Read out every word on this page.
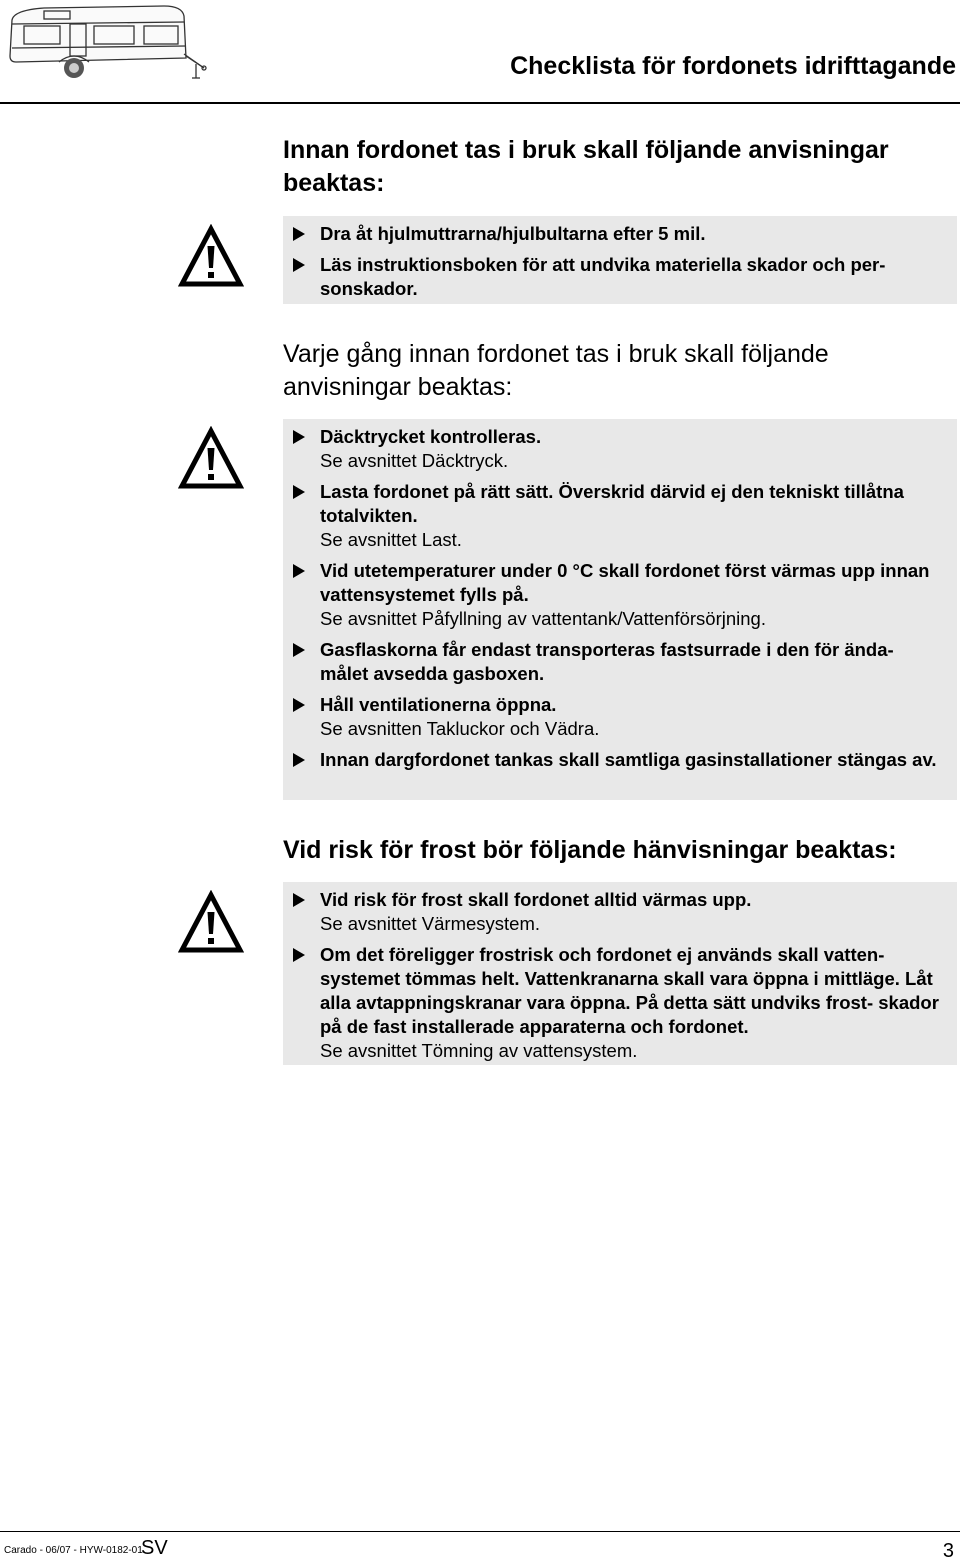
Checklista för fordonets idrifttagande
Innan fordonet tas i bruk skall följande anvisningar beaktas:
Dra åt hjulmuttrarna/hjulbultarna efter 5 mil.
Läs instruktionsboken för att undvika materiella skador och per- sonskador.
Varje gång innan fordonet tas i bruk skall följande anvisningar beaktas:
Däcktrycket kontrolleras.
Se avsnittet Däcktryck.
Lasta fordonet på rätt sätt. Överskrid därvid ej den tekniskt tillåtna totalvikten.
Se avsnittet Last.
Vid utetemperaturer under 0 °C skall fordonet först värmas upp innan vattensystemet fylls på.
Se avsnittet Påfyllning av vattentank/Vattenförsörjning.
Gasflaskorna får endast transporteras fastsurrade i den för ända- målet avsedda gasboxen.
Håll ventilationerna öppna.
Se avsnitten Takluckor och Vädra.
Innan dargfordonet tankas skall samtliga gasinstallationer stängas av.
Vid risk för frost bör följande hänvisningar beaktas:
Vid risk för frost skall fordonet alltid värmas upp.
Se avsnittet Värmesystem.
Om det föreligger frostrisk och fordonet ej används skall vatten- systemet tömmas helt. Vattenkranarna skall vara öppna i mittläge. Låt alla avtappningskranar vara öppna. På detta sätt undviks frost- skador på de fast installerade apparaterna och fordonet.
Se avsnittet Tömning av vattensystem.
Carado - 06/07 - HYW-0182-01
SV	3
